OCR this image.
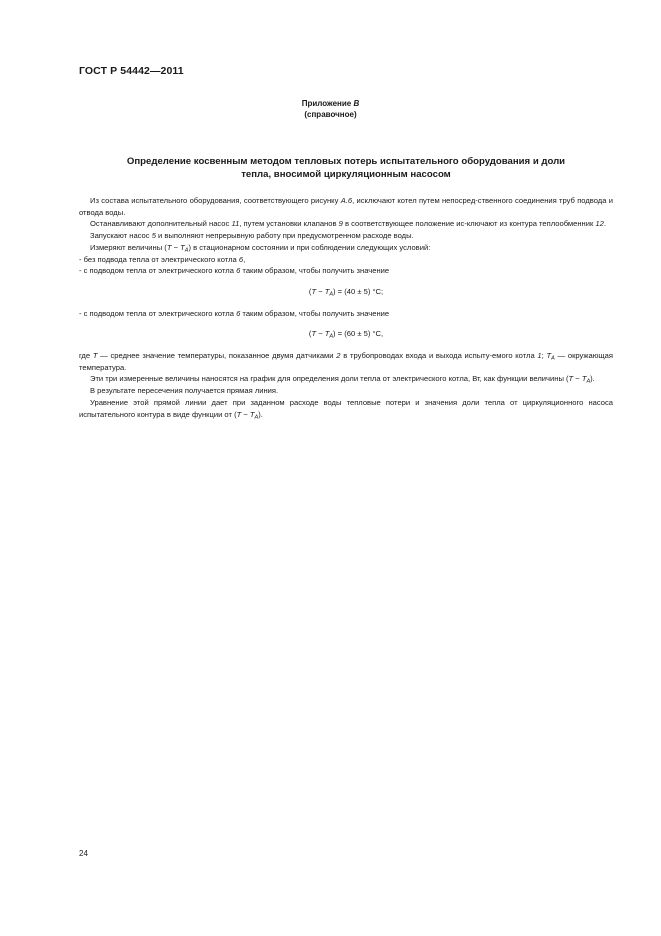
ГОСТ Р 54442—2011
Приложение В
(справочное)
Определение косвенным методом тепловых потерь испытательного оборудования и доли
тепла, вносимой циркуляционным насосом

Из состава испытательного оборудования, соответствующего рисунку А.6, исключают котел путем непосред-ственного соединения труб подвода и отвода воды.

Останавливают дополнительный насос 11, путем установки клапанов 9 в соответствующее положение ис-ключают из контура теплообменник 12.

Запускают насос 5 и выполняют непрерывную работу при предусмотренном расходе воды.

Измеряют величины $(T - T_A)$ в стационарном состоянии и при соблюдении следующих условий:

- без подвода тепла от электрического котла 6,

- с подводом тепла от электрического котла 6 таким образом, чтобы получить значение

$(T - T_A) = (40 \pm 5)$ °C;

- с подводом тепла от электрического котла 6 таким образом, чтобы получить значение

$(T - T_A) = (60 \pm 5)$ °C,

где T — среднее значение температуры, показанное двумя датчиками 2 в трубопроводах входа и выхода испыту-емого котла 1; $T_A$ — окружающая температура.

Эти три измеренные величины наносятся на график для определения доли тепла от электрического котла, Вт, как функции величины $(T - T_A)$.

В результате пересечения получается прямая линия.

Уравнение этой прямой линии дает при заданном расходе воды тепловые потери и значения доли тепла от циркуляционного насоса испытательного контура в виде функции от $(T - T_A)$.

24
